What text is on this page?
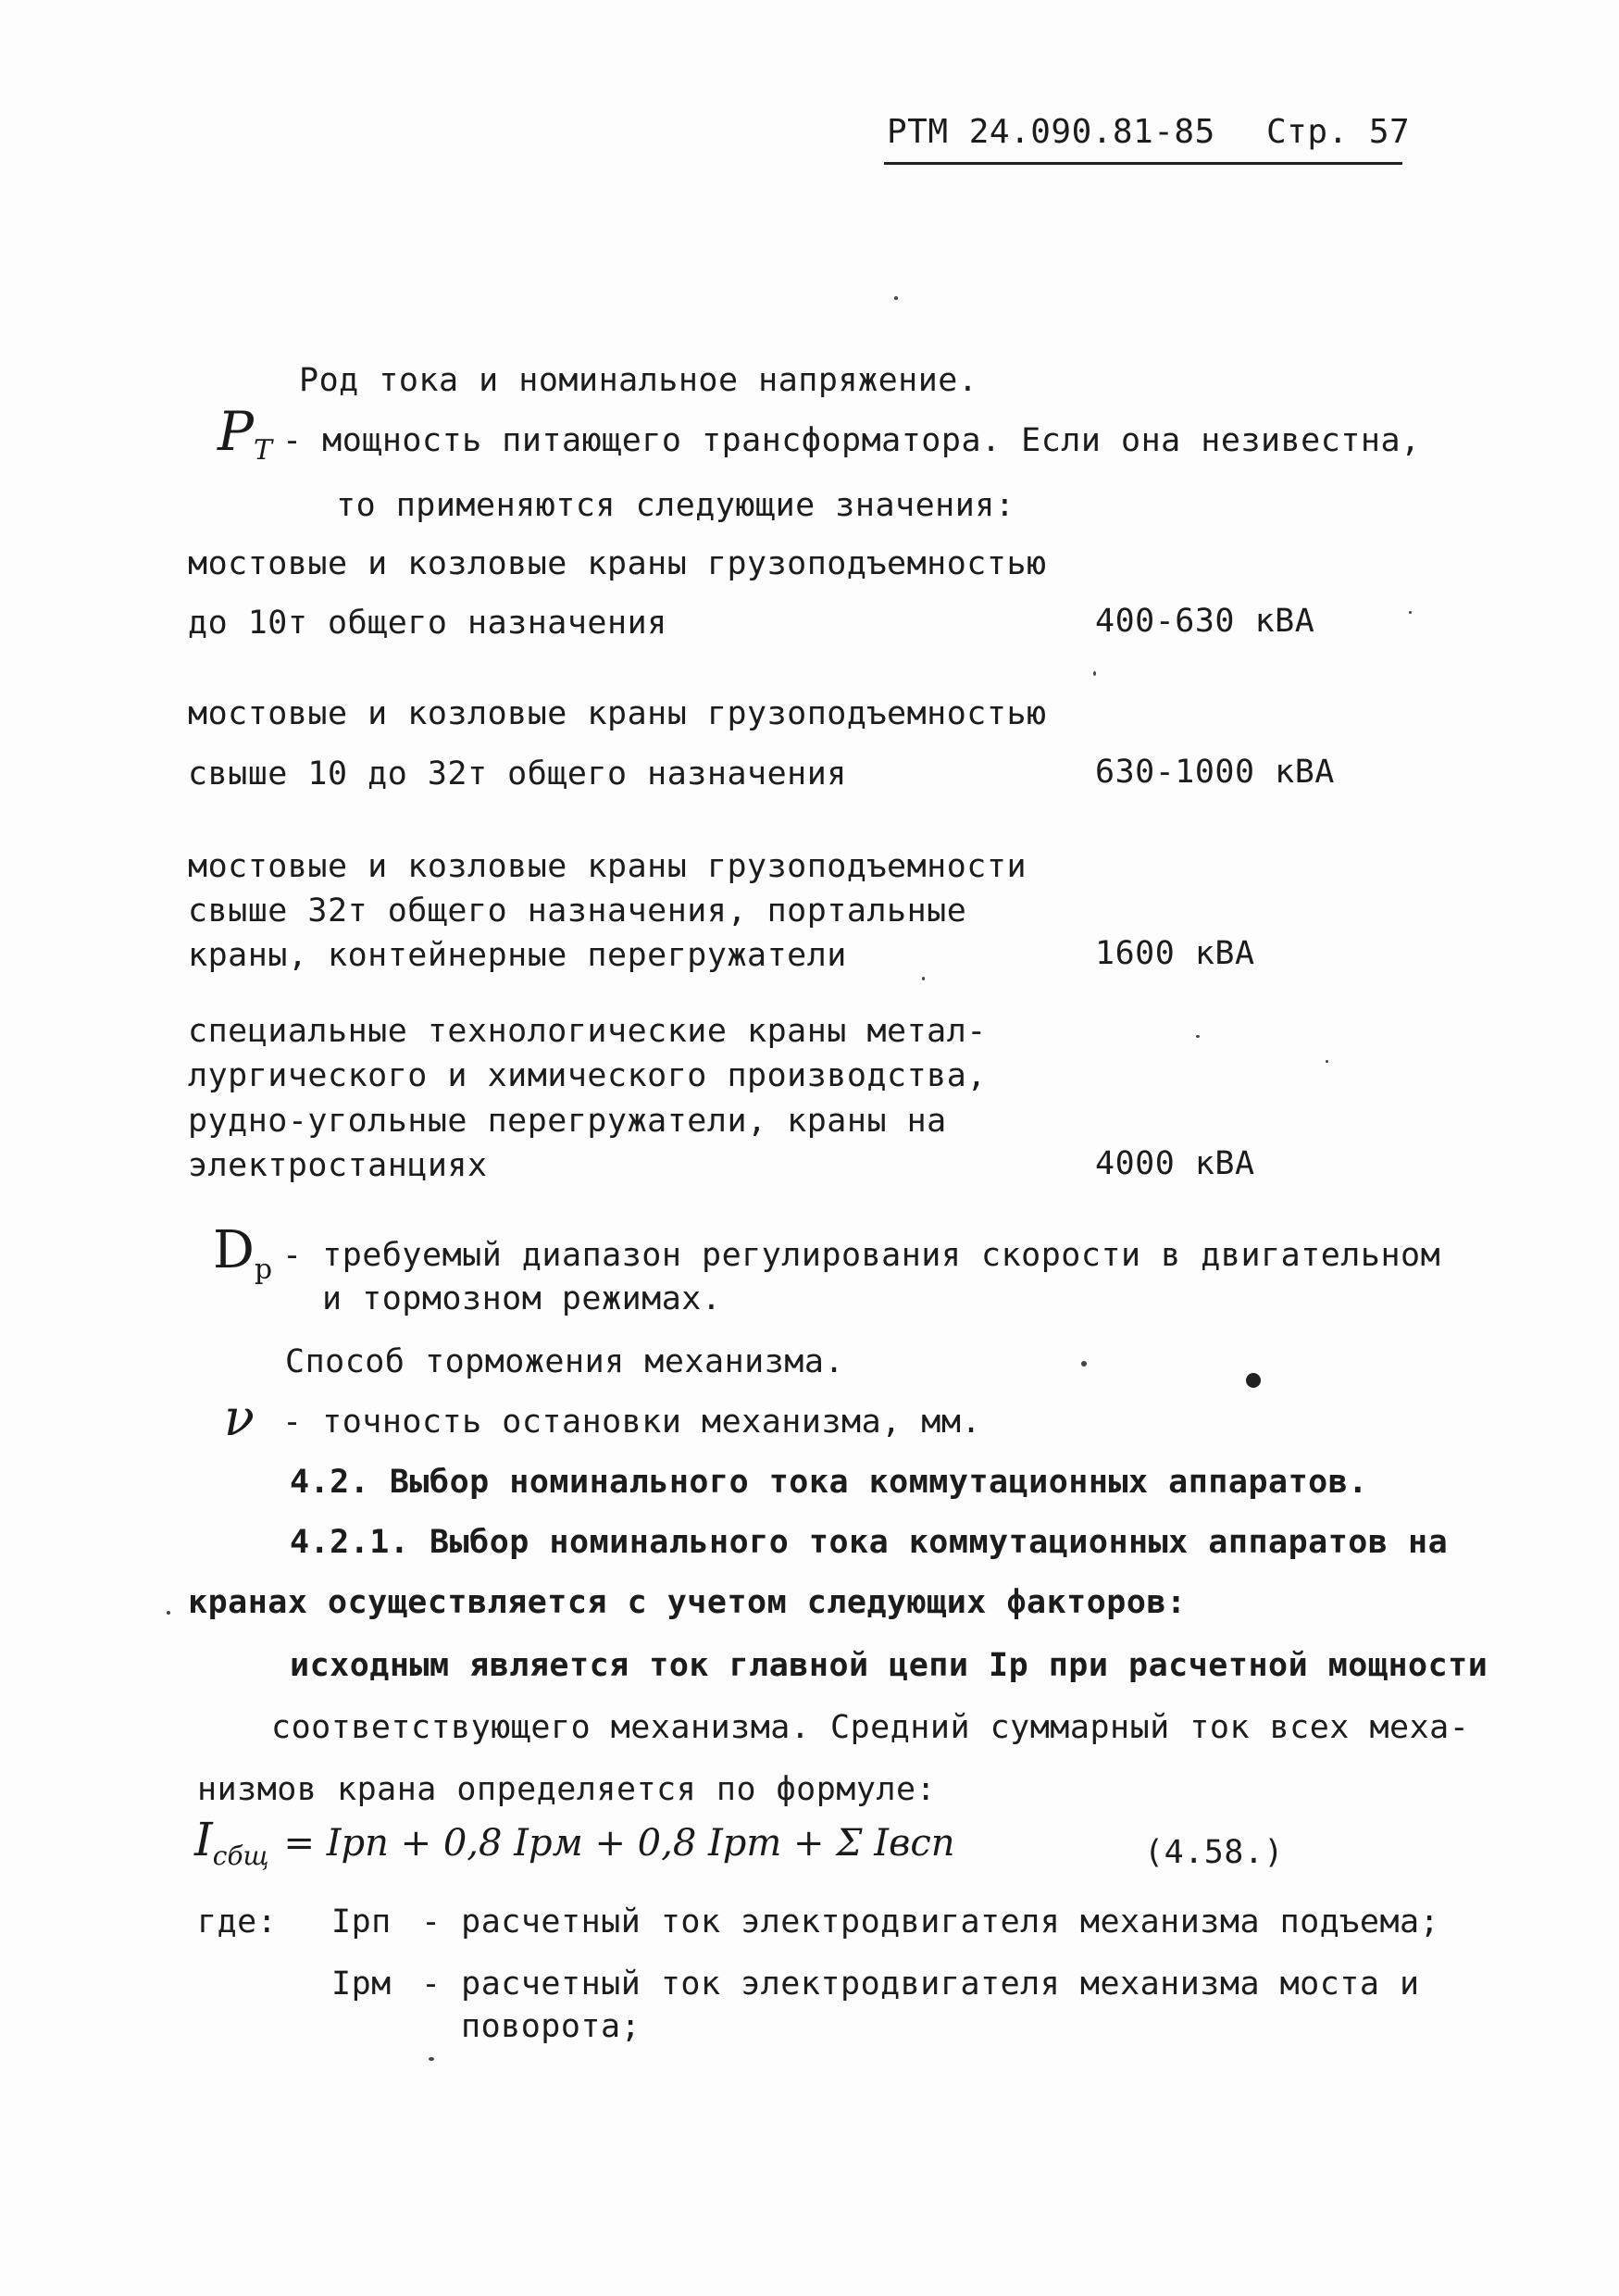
РТМ 24.090.81-85 Стр. 57
Род тока и номинальное напряжение.
PT - мощность питающего трансформатора. Если она незивестна,
то применяются следующие значения:
мостовые и козловые краны грузоподъемностью
до 10т общего назначения	400-630 кВА
мостовые и козловые краны грузоподъемностью
свыше 10 до 32т общего назначения	630-1000 кВА
мостовые и козловые краны грузоподъемности
свыше 32т общего назначения, портальные
краны, контейнерные перегружатели	1600 кВА
специальные технологические краны метал-
лургического и химического производства,
рудно-угольные перегружатели, краны на
электростанциях	4000 кВА
$D_р$ - требуемый диапазон регулирования скорости в двигательном
и тормозном режимах.
Способ торможения механизма.
ν - точность остановки механизма, мм.
4.2. Выбор номинального тока коммутационных аппаратов.
4.2.1. Выбор номинального тока коммутационных аппаратов на
кранах осуществляется с учетом следующих факторов:
исходным является ток главной цепи Iр при расчетной мощности
соответствующего механизма. Средний суммарный ток всех меха-
низмов крана определяется по формуле:
$I_{сбщ}$ = Iрп + 0,8 Iрм + 0,8 Iрт + Σ Iвсп	(4.58.)
где: Iрп - расчетный ток электродвигателя механизма подъема;
Iрм - расчетный ток электродвигателя механизма моста и
поворота;
